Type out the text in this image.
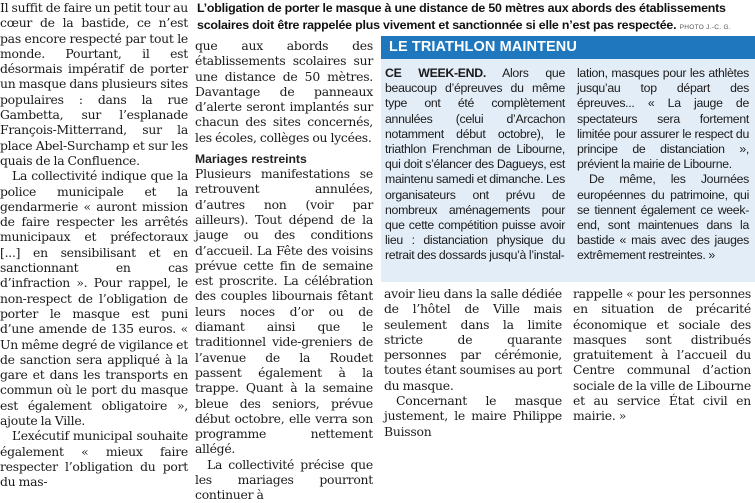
Il suffit de faire un petit tour au cœur de la bastide, ce n’est pas encore respecté par tout le monde. Pourtant, il est désormais impératif de porter un masque dans plusieurs sites populaires : dans la rue Gambetta, sur l’esplanade François-Mitterrand, sur la place Abel-Surchamp et sur les quais de la Confluence.

La collectivité indique que la police municipale et la gendarmerie « auront mission de faire respecter les arrêtés municipaux et préfectoraux [...] en sensibilisant et en sanctionnant en cas d’infraction ». Pour rappel, le non-respect de l’obligation de porter le masque est puni d’une amende de 135 euros. « Un même degré de vigilance et de sanction sera appliqué à la gare et dans les transports en commun où le port du masque est également obligatoire », ajoute la Ville.

L’exécutif municipal souhaite également « mieux faire respecter l’obligation du port du mas-

L’obligation de porter le masque à une distance de 50 mètres aux abords des établissements scolaires doit être rappelée plus vivement et sanctionnée si elle n’est pas respectée. PHOTO J.-C. G.

que aux abords des établissements scolaires sur une distance de 50 mètres. Davantage de panneaux d’alerte seront implantés sur chacun des sites concernés, les écoles, collèges ou lycées.

Mariages restreints

Plusieurs manifestations se retrouvent annulées, d’autres non (voir par ailleurs). Tout dépend de la jauge ou des conditions d’accueil. La Fête des voisins prévue cette fin de semaine est proscrite. La célébration des couples libournais fêtant leurs noces d’or ou de diamant ainsi que le traditionnel vide-greniers de l’avenue de la Roudet passent également à la trappe. Quant à la semaine bleue des seniors, prévue début octobre, elle verra son programme nettement allégé.

La collectivité précise que les mariages pourront continuer à

LE TRIATHLON MAINTENU

CE WEEK-END. Alors que beaucoup d’épreuves du même type ont été complètement annulées (celui d’Arcachon notamment début octobre), le triathlon Frenchman de Libourne, qui doit s’élancer des Dagueys, est maintenu samedi et dimanche. Les organisateurs ont prévu de nombreux aménagements pour que cette compétition puisse avoir lieu : distanciation physique du retrait des dossards jusqu’à l’instal-

lation, masques pour les athlètes jusqu’au top départ des épreuves... « La jauge de spectateurs sera fortement limitée pour assurer le respect du principe de distanciation », prévient la mairie de Libourne.

De même, les Journées européennes du patrimoine, qui se tiennent également ce week-end, sont maintenues dans la bastide « mais avec des jauges extrêmement restreintes. »

avoir lieu dans la salle dédiée de l’hôtel de Ville mais seulement dans la limite stricte de quarante personnes par cérémonie, toutes étant soumises au port du masque.

Concernant le masque justement, le maire Philippe Buisson

rappelle « pour les personnes en situation de précarité économique et sociale des masques sont distribués gratuitement à l’accueil du Centre communal d’action sociale de la ville de Libourne et au service État civil en mairie. »
